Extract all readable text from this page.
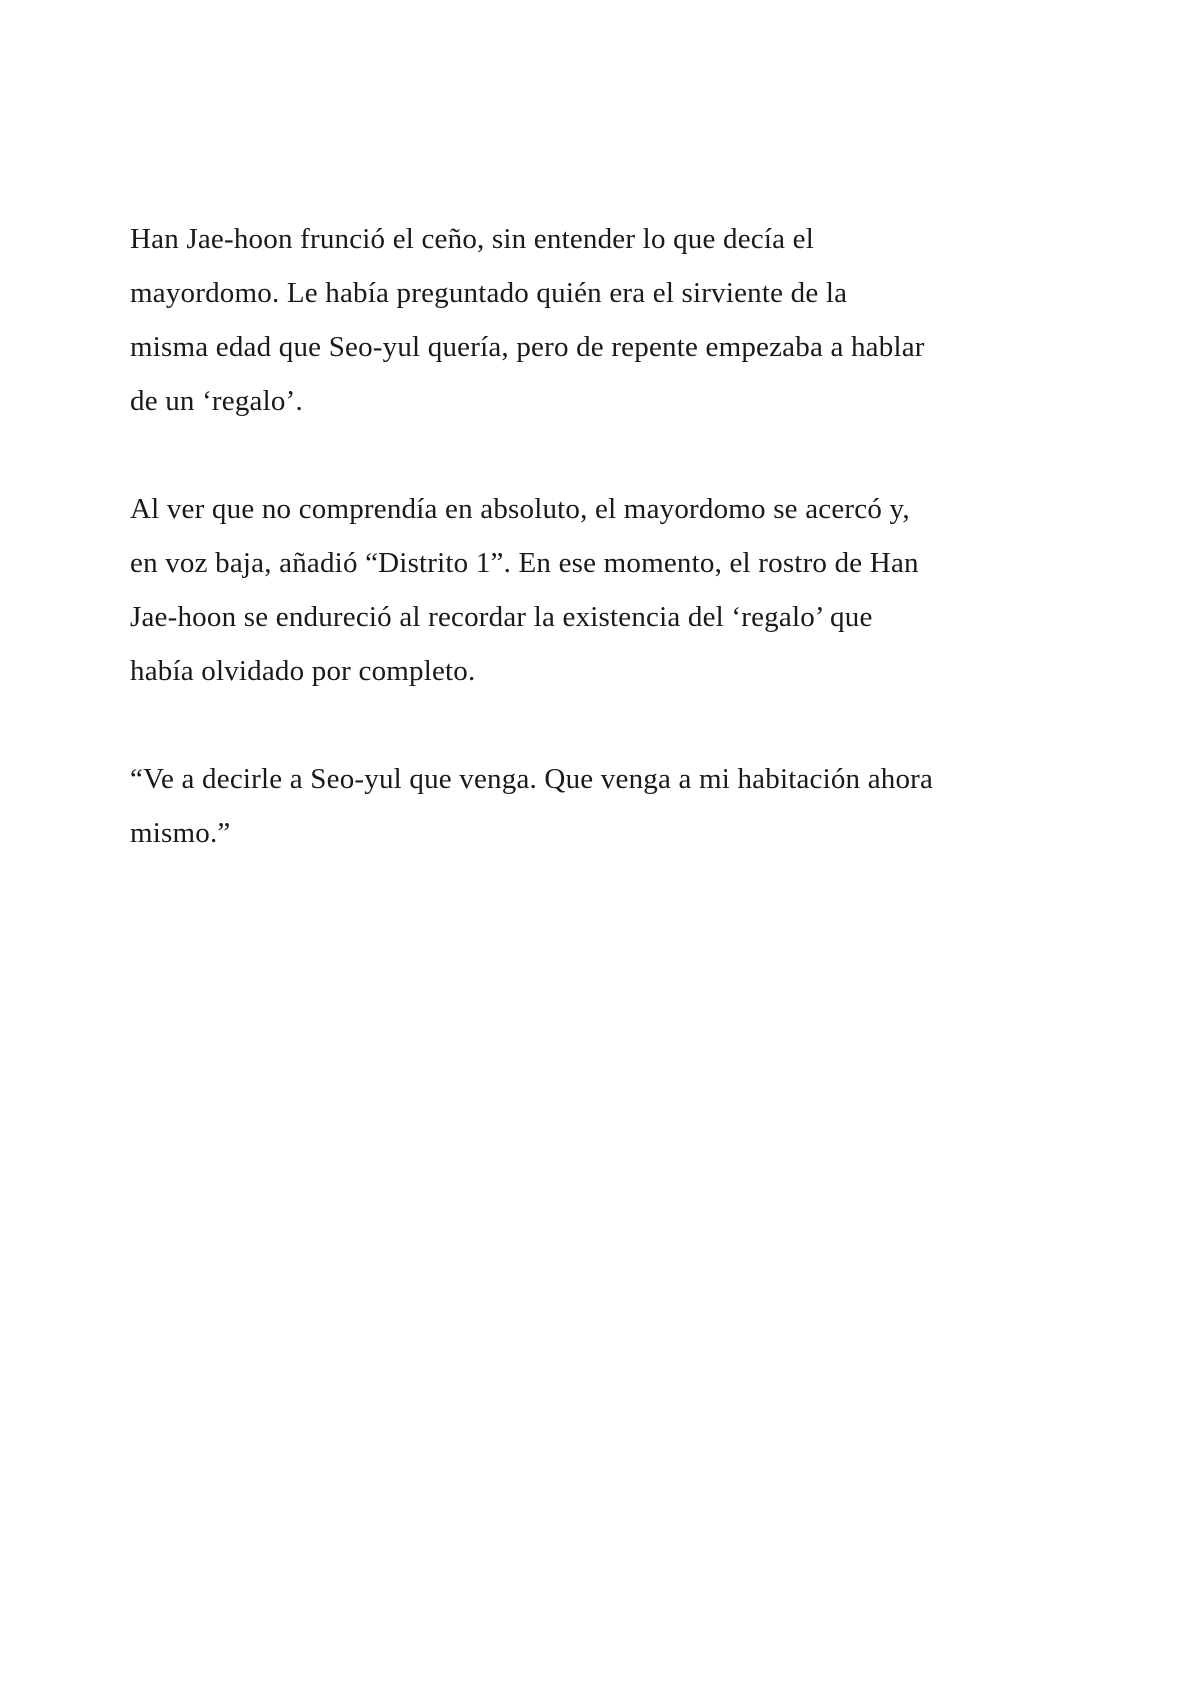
Han Jae-hoon frunció el ceño, sin entender lo que decía el
mayordomo. Le había preguntado quién era el sirviente de la
misma edad que Seo-yul quería, pero de repente empezaba a hablar
de un ‘regalo’.

Al ver que no comprendía en absoluto, el mayordomo se acercó y,
en voz baja, añadió “Distrito 1”. En ese momento, el rostro de Han
Jae-hoon se endureció al recordar la existencia del ‘regalo’ que
había olvidado por completo.

“Ve a decirle a Seo-yul que venga. Que venga a mi habitación ahora
mismo.”
